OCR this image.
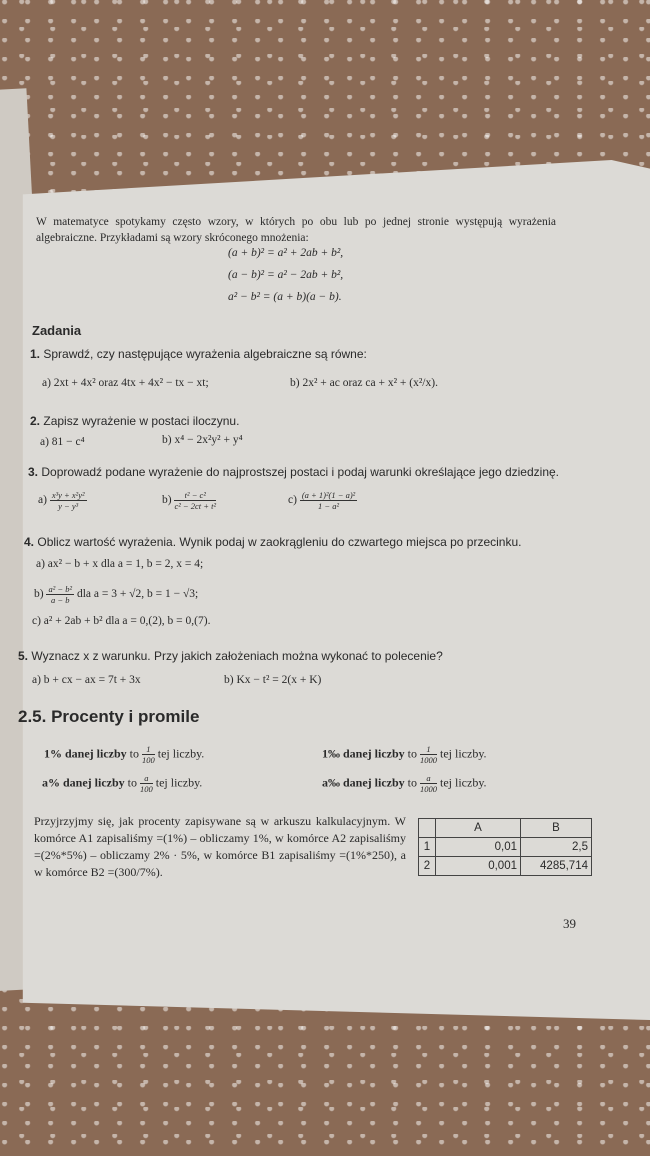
W matematyce spotykamy często wzory, w których po obu lub po jednej stronie występują wyrażenia algebraiczne. Przykładami są wzory skróconego mnożenia:
(a + b)² = a² + 2ab + b²,
(a − b)² = a² − 2ab + b²,
a² − b² = (a + b)(a − b).
Zadania
1. Sprawdź, czy następujące wyrażenia algebraiczne są równe:
a) 2xt + 4x² oraz 4tx + 4x² − tx − xt;	b) 2x² + ac oraz ca + x² + (x²/x).
2. Zapisz wyrażenie w postaci iloczynu.
a) 81 − c⁴	b) x⁴ − 2x²y² + y⁴
3. Doprowadź podane wyrażenie do najprostszej postaci i podaj warunki określające jego dziedzinę.
$a) \frac{\text{x³y + x²y²}}{\text{y − y³}}$	$b) \frac{\text{t² − c²}}{\text{c² − 2ct + t²}}$	$c) \frac{\text{(a + 1)²(1 − a)²}}{\text{1 − a²}}$
4. Oblicz wartość wyrażenia. Wynik podaj w zaokrągleniu do czwartego miejsca po przecinku.
a) ax² − b + x dla a = 1, b = 2, x = 4;
$b) \frac{\text{a² − b²}}{a - b}$ dla a = 3 + √2, b = 1 − √3;
c) a² + 2ab + b² dla a = 0,(2), b = 0,(7).
5. Wyznacz x z warunku. Przy jakich założeniach można wykonać to polecenie?
a) b + cx − ax = 7t + 3x	b) Kx − t² = 2(x + K)
2.5. Procenty i promile
1% danej liczby to $\frac{1}{100}$ tej liczby.	1‰ danej liczby to $\frac{1}{1000}$ tej liczby.
a% danej liczby to $\frac{a}{100}$ tej liczby.	a‰ danej liczby to $\frac{a}{1000}$ tej liczby.
Przyjrzyjmy się, jak procenty zapisywane są w arkuszu kalkulacyjnym. W komórce A1 zapisaliśmy =(1%) – obliczamy 1%, w komórce A2 zapisaliśmy =(2%*5%) – obliczamy 2% · 5%, w komórce B1 zapisaliśmy =(1%*250), a w komórce B2 =(300/7%).
	A	B
1	0,01	2,5
2	0,001	4285,714
39
